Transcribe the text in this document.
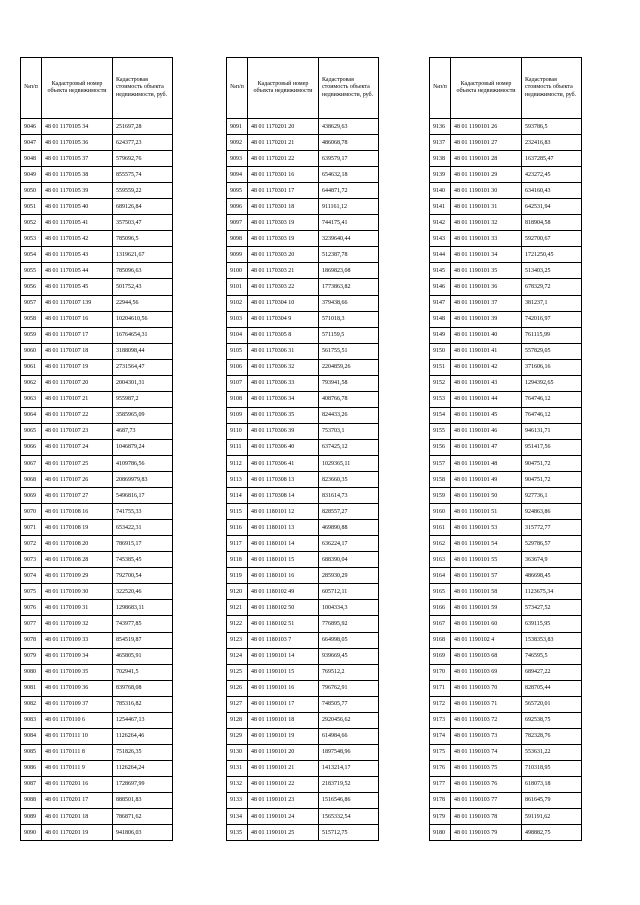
№п/п	Кадастровый номер объекта недвижимости	Кадастровая стоимость объекта недвижимости, руб.
9046	48 01 1170105 34	251697,28
9047	48 01 1170105 36	624377,23
9048	48 01 1170105 37	579692,76
9049	48 01 1170105 38	855575,74
9050	48 01 1170105 39	559559,22
9051	48 01 1170105 40	689126,84
9052	48 01 1170105 41	357503,47
9053	48 01 1170105 42	785096,5
9054	48 01 1170105 43	1319621,67
9055	48 01 1170105 44	785096,63
9056	48 01 1170105 45	501752,43
9057	48 01 1170107 139	22944,56
9058	48 01 1170107 16	10204610,56
9059	48 01 1170107 17	16764654,31
9060	48 01 1170107 18	3188098,44
9061	48 01 1170107 19	2731564,47
9062	48 01 1170107 20	2004301,31
9063	48 01 1170107 21	955987,2
9064	48 01 1170107 22	3585965,09
9065	48 01 1170107 23	4687,73
9066	48 01 1170107 24	1046879,24
9067	48 01 1170107 25	4109786,56
9068	48 01 1170107 26	20869979,83
9069	48 01 1170107 27	5496816,17
9070	48 01 1170108 16	741755,33
9071	48 01 1170108 19	653422,31
9072	48 01 1170108 20	786915,17
9073	48 01 1170108 28	745385,45
9074	48 01 1170109 29	792700,54
9075	48 01 1170109 30	322520,46
9076	48 01 1170109 31	1298683,11
9077	48 01 1170109 32	743977,85
9078	48 01 1170109 33	854519,87
9079	48 01 1170109 34	465805,91
9080	48 01 1170109 35	702941,5
9081	48 01 1170109 36	839768,08
9082	48 01 1170109 37	785316,82
9083	48 01 1170110 6	1254467,13
9084	48 01 1170111 10	1126264,46
9085	48 01 1170111 8	751826,35
9086	48 01 1170111 9	1126264,24
9087	48 01 1170201 16	1728697,99
9088	48 01 1170201 17	888501,83
9089	48 01 1170201 18	786871,62
9090	48 01 1170201 19	941806,03
№п/п	Кадастровый номер объекта недвижимости	Кадастровая стоимость объекта недвижимости, руб.
9091	48 01 1170201 20	438629,63
9092	48 01 1170201 21	486068,78
9093	48 01 1170201 22	639579,17
9094	48 01 1170301 16	654632,18
9095	48 01 1170301 17	644871,72
9096	48 01 1170301 18	911161,12
9097	48 01 1170303 19	744175,41
9098	48 01 1170303 19	3239640,44
9099	48 01 1170303 20	512387,78
9100	48 01 1170303 21	1869823,08
9101	48 01 1170303 22	1773863,82
9102	48 01 1170304 10	379438,66
9103	48 01 1170304 9	571018,3
9104	48 01 1170305 8	571159,5
9105	48 01 1170306 31	561755,51
9106	48 01 1170306 32	2204859,26
9107	48 01 1170306 33	793941,58
9108	48 01 1170306 34	408766,78
9109	48 01 1170306 35	824433,26
9110	48 01 1170306 39	753703,1
9111	48 01 1170306 40	637425,12
9112	48 01 1170306 41	1029365,11
9113	48 01 1170308 13	823660,35
9114	48 01 1170308 14	831614,73
9115	48 01 1180101 12	828557,27
9116	48 01 1180101 13	469890,88
9117	48 01 1180101 14	636224,17
9118	48 01 1180101 15	688390,04
9119	48 01 1180101 16	285930,29
9120	48 01 1180102 49	605712,11
9121	48 01 1180102 50	1004334,3
9122	48 01 1180102 51	776895,92
9123	48 01 1180103 7	664998,05
9124	48 01 1190101 14	939669,45
9125	48 01 1190101 15	769512,2
9126	48 01 1190101 16	796762,91
9127	48 01 1190101 17	748505,77
9128	48 01 1190101 18	2920456,62
9129	48 01 1190101 19	614984,66
9130	48 01 1190101 20	1897548,96
9131	48 01 1190101 21	1413214,17
9132	48 01 1190101 22	2183719,52
9133	48 01 1190101 23	1516546,86
9134	48 01 1190101 24	1565332,54
9135	48 01 1190101 25	515712,75
№п/п	Кадастровый номер объекта недвижимости	Кадастровая стоимость объекта недвижимости, руб.
9136	48 01 1190101 26	593786,5
9137	48 01 1190101 27	232416,83
9138	48 01 1190101 28	1637285,47
9139	48 01 1190101 29	423272,45
9140	48 01 1190101 30	634160,43
9141	48 01 1190101 31	642531,94
9142	48 01 1190101 32	818904,58
9143	48 01 1190101 33	592700,67
9144	48 01 1190101 34	1721250,45
9145	48 01 1190101 35	513403,25
9146	48 01 1190101 36	678329,72
9147	48 01 1190101 37	381237,1
9148	48 01 1190101 39	742016,97
9149	48 01 1190101 40	761115,99
9150	48 01 1190101 41	557829,05
9151	48 01 1190101 42	371606,16
9152	48 01 1190101 43	1294392,65
9153	48 01 1190101 44	764746,12
9154	48 01 1190101 45	764746,12
9155	48 01 1190101 46	946131,71
9156	48 01 1190101 47	951417,56
9157	48 01 1190101 48	904751,72
9158	48 01 1190101 49	904751,72
9159	48 01 1190101 50	927736,1
9160	48 01 1190101 51	924863,86
9161	48 01 1190101 53	315772,77
9162	48 01 1190101 54	529786,57
9163	48 01 1190101 55	363674,9
9164	48 01 1190101 57	486698,45
9165	48 01 1190101 58	1123675,34
9166	48 01 1190101 59	573427,52
9167	48 01 1190101 60	639115,95
9168	48 01 1190102 4	1538353,83
9169	48 01 1190103 68	746595,5
9170	48 01 1190103 69	689427,22
9171	48 01 1190103 70	828705,44
9172	48 01 1190103 71	565720,01
9173	48 01 1190103 72	692538,75
9174	48 01 1190103 73	782328,76
9175	48 01 1190103 74	553631,22
9176	48 01 1190103 75	710318,95
9177	48 01 1190103 76	618073,18
9178	48 01 1190103 77	861645,79
9179	48 01 1190103 78	591191,62
9180	48 01 1190103 79	498882,75
